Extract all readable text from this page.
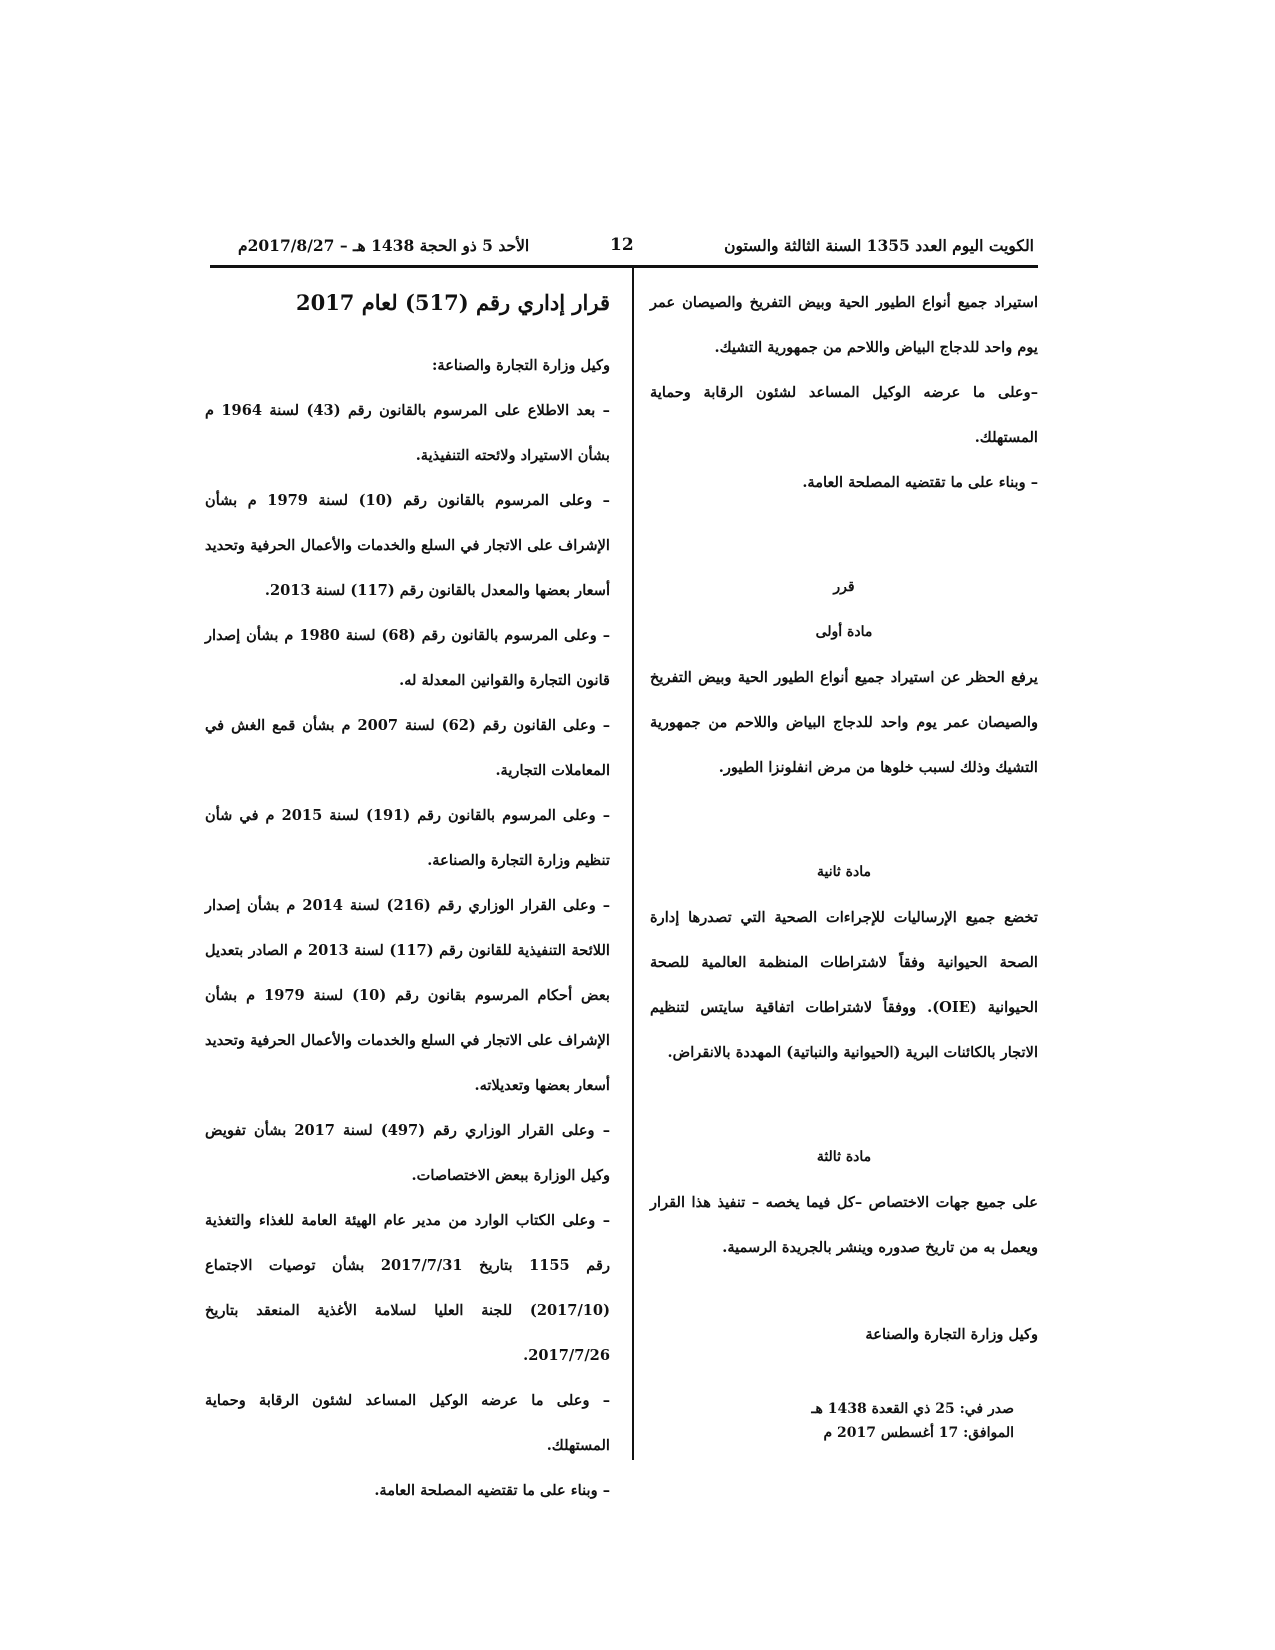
الكويت اليوم العدد 1355 السنة الثالثة والستون
12
الأحد 5 ذو الحجة 1438 هـ – 2017/8/27م

قرار إداري رقم (517) لعام 2017

وكيل وزارة التجارة والصناعة:

– بعد الاطلاع على المرسوم بالقانون رقم (43) لسنة 1964 م بشأن الاستيراد ولائحته التنفيذية.

– وعلى المرسوم بالقانون رقم (10) لسنة 1979 م بشأن الإشراف على الاتجار في السلع والخدمات والأعمال الحرفية وتحديد أسعار بعضها والمعدل بالقانون رقم (117) لسنة 2013.

– وعلى المرسوم بالقانون رقم (68) لسنة 1980 م بشأن إصدار قانون التجارة والقوانين المعدلة له.

– وعلى القانون رقم (62) لسنة 2007 م بشأن قمع الغش في المعاملات التجارية.

– وعلى المرسوم بالقانون رقم (191) لسنة 2015 م في شأن تنظيم وزارة التجارة والصناعة.

– وعلى القرار الوزاري رقم (216) لسنة 2014 م بشأن إصدار اللائحة التنفيذية للقانون رقم (117) لسنة 2013 م الصادر بتعديل بعض أحكام المرسوم بقانون رقم (10) لسنة 1979 م بشأن الإشراف على الاتجار في السلع والخدمات والأعمال الحرفية وتحديد أسعار بعضها وتعديلاته.

– وعلى القرار الوزاري رقم (497) لسنة 2017 بشأن تفويض وكيل الوزارة ببعض الاختصاصات.

– وعلى الكتاب الوارد من مدير عام الهيئة العامة للغذاء والتغذية رقم 1155 بتاريخ 2017/7/31 بشأن توصيات الاجتماع (2017/10) للجنة العليا لسلامة الأغذية المنعقد بتاريخ 2017/7/26.

– وعلى ما عرضه الوكيل المساعد لشئون الرقابة وحماية المستهلك.

– وبناء على ما تقتضيه المصلحة العامة.

استيراد جميع أنواع الطيور الحية وبيض التفريخ والصيصان عمر يوم واحد للدجاج البياض واللاحم من جمهورية التشيك.

–وعلى ما عرضه الوكيل المساعد لشئون الرقابة وحماية المستهلك.

– وبناء على ما تقتضيه المصلحة العامة.

قرر

مادة أولى

يرفع الحظر عن استيراد جميع أنواع الطيور الحية وبيض التفريخ والصيصان عمر يوم واحد للدجاج البياض واللاحم من جمهورية التشيك وذلك لسبب خلوها من مرض انفلونزا الطيور.

مادة ثانية

تخضع جميع الإرساليات للإجراءات الصحية التي تصدرها إدارة الصحة الحيوانية وفقاً لاشتراطات المنظمة العالمية للصحة الحيوانية (OIE). ووفقاً لاشتراطات اتفاقية سايتس لتنظيم الاتجار بالكائنات البرية (الحيوانية والنباتية) المهددة بالانقراض.

مادة ثالثة

على جميع جهات الاختصاص –كل فيما يخصه – تنفيذ هذا القرار ويعمل به من تاريخ صدوره وينشر بالجريدة الرسمية.

وكيل وزارة التجارة والصناعة

صدر في: 25 ذي القعدة 1438 هـ

الموافق: 17 أغسطس 2017 م
